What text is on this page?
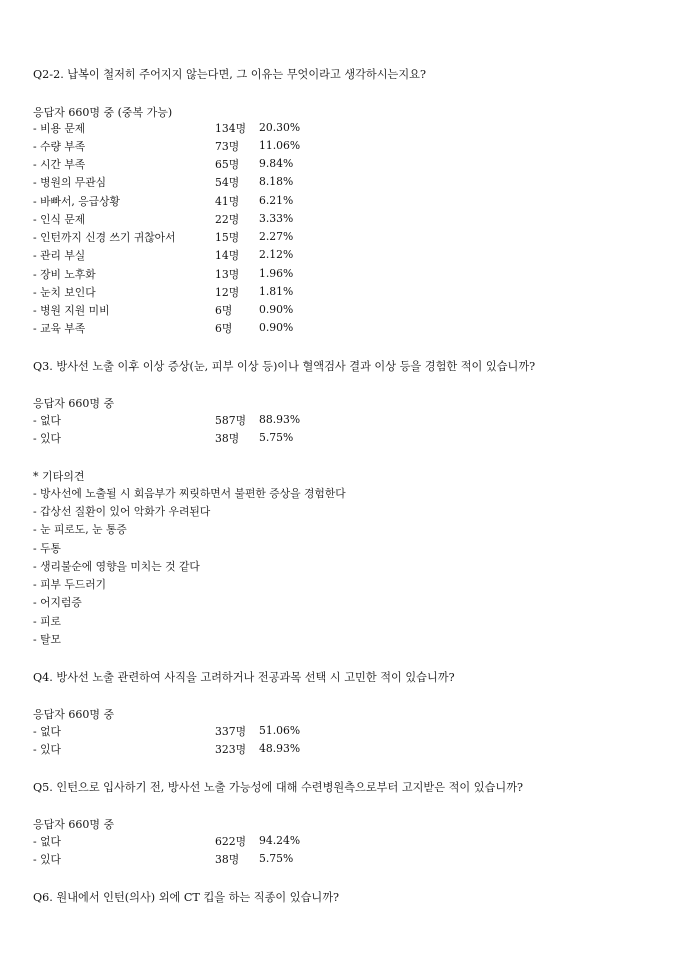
Q2-2. 납복이 철저히 주어지지 않는다면, 그 이유는 무엇이라고 생각하시는지요?
응답자 660명 중 (중복 가능)
- 비용 문제	134명 20.30%
- 수량 부족	73명 11.06%
- 시간 부족	65명 9.84%
- 병원의 무관심	54명 8.18%
- 바빠서, 응급상황	41명 6.21%
- 인식 문제	22명 3.33%
- 인턴까지 신경 쓰기 귀찮아서	15명 2.27%
- 관리 부실	14명 2.12%
- 장비 노후화	13명 1.96%
- 눈치 보인다	12명 1.81%
- 병원 지원 미비	6명 0.90%
- 교육 부족	6명 0.90%
Q3. 방사선 노출 이후 이상 증상(눈, 피부 이상 등)이나 혈액검사 결과 이상 등을 경험한 적이 있습니까?
응답자 660명 중
- 없다	587명 88.93%
- 있다	38명 5.75%
* 기타의견
- 방사선에 노출될 시 회음부가 찌릿하면서 불편한 증상을 경험한다
- 갑상선 질환이 있어 악화가 우려된다
- 눈 피로도, 눈 통증
- 두통
- 생리불순에 영향을 미치는 것 같다
- 피부 두드러기
- 어지럼증
- 피로
- 탈모
Q4. 방사선 노출 관련하여 사직을 고려하거나 전공과목 선택 시 고민한 적이 있습니까?
응답자 660명 중
- 없다	337명 51.06%
- 있다	323명 48.93%
Q5. 인턴으로 입사하기 전, 방사선 노출 가능성에 대해 수련병원측으로부터 고지받은 적이 있습니까?
응답자 660명 중
- 없다	622명 94.24%
- 있다	38명 5.75%
Q6. 원내에서 인턴(의사) 외에 CT 킵을 하는 직종이 있습니까?
